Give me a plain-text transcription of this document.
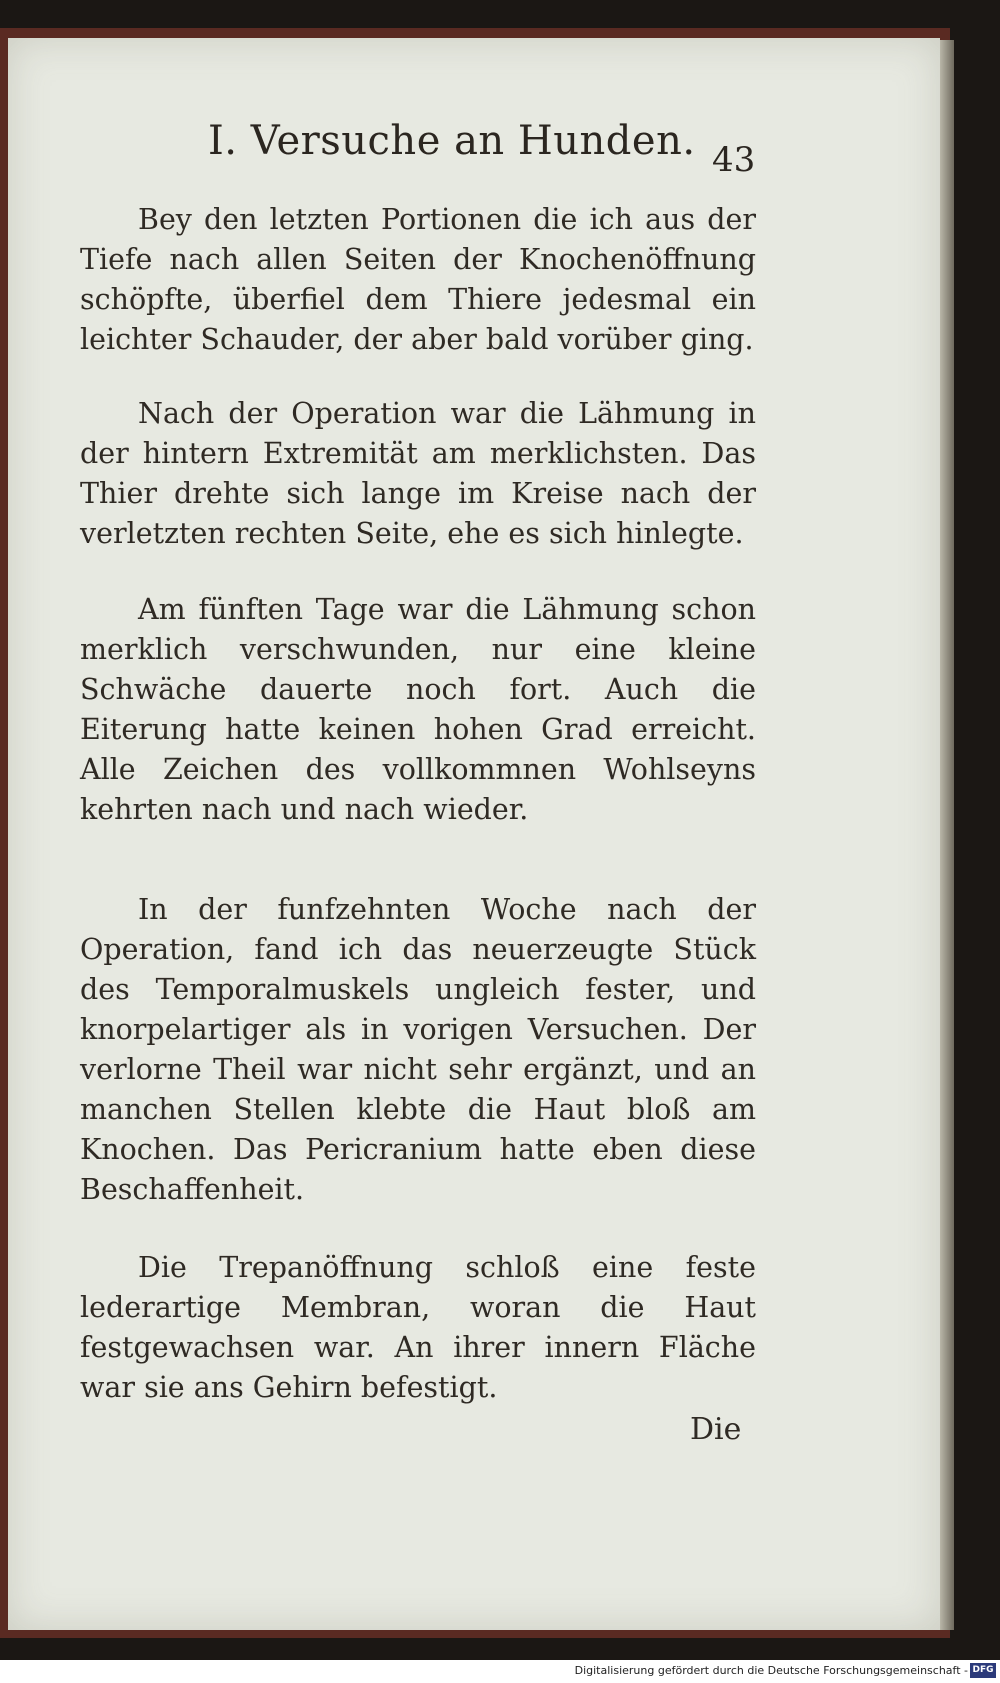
I. Versuche an Hunden. 43

Bey den letzten Portionen die ich aus der Tiefe nach allen Seiten der Knochenöffnung schöpfte, überfiel dem Thiere jedesmal ein leichter Schauder, der aber bald vorüber ging.

Nach der Operation war die Lähmung in der hintern Extremität am merklichsten. Das Thier drehte sich lange im Kreise nach der verletzten rechten Seite, ehe es sich hinlegte.

Am fünften Tage war die Lähmung schon merklich verschwunden, nur eine kleine Schwäche dauerte noch fort. Auch die Eiterung hatte keinen hohen Grad erreicht. Alle Zeichen des vollkommnen Wohlseyns kehrten nach und nach wieder.

In der funfzehnten Woche nach der Operation, fand ich das neuerzeugte Stück des Temporalmuskels ungleich fester, und knorpelartiger als in vorigen Versuchen. Der verlorne Theil war nicht sehr ergänzt, und an manchen Stellen klebte die Haut bloß am Knochen. Das Pericranium hatte eben diese Beschaffenheit.

Die Trepanöffnung schloß eine feste lederartige Membran, woran die Haut festgewachsen war. An ihrer innern Fläche war sie ans Gehirn befestigt.

Die
Digitalisierung gefördert durch die Deutsche Forschungsgemeinschaft - DFG
